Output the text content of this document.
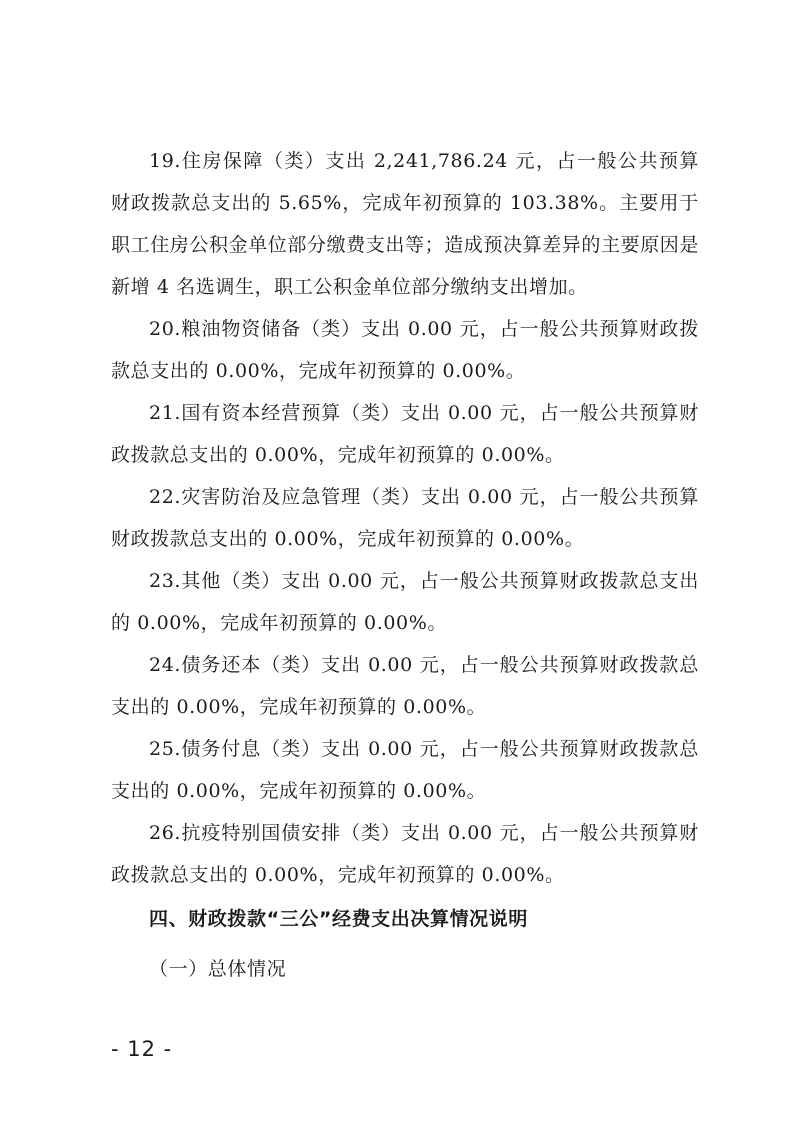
19.住房保障（类）支出 2,241,786.24 元，占一般公共预算财政拨款总支出的 5.65%，完成年初预算的 103.38%。主要用于职工住房公积金单位部分缴费支出等；造成预决算差异的主要原因是新增 4 名选调生，职工公积金单位部分缴纳支出增加。

20.粮油物资储备（类）支出 0.00 元，占一般公共预算财政拨款总支出的 0.00%，完成年初预算的 0.00%。

21.国有资本经营预算（类）支出 0.00 元，占一般公共预算财政拨款总支出的 0.00%，完成年初预算的 0.00%。

22.灾害防治及应急管理（类）支出 0.00 元，占一般公共预算财政拨款总支出的 0.00%，完成年初预算的 0.00%。

23.其他（类）支出 0.00 元，占一般公共预算财政拨款总支出的 0.00%，完成年初预算的 0.00%。

24.债务还本（类）支出 0.00 元，占一般公共预算财政拨款总支出的 0.00%，完成年初预算的 0.00%。

25.债务付息（类）支出 0.00 元，占一般公共预算财政拨款总支出的 0.00%，完成年初预算的 0.00%。

26.抗疫特别国债安排（类）支出 0.00 元，占一般公共预算财政拨款总支出的 0.00%，完成年初预算的 0.00%。

四、财政拨款“三公”经费支出决算情况说明

（一）总体情况

- 12 -
